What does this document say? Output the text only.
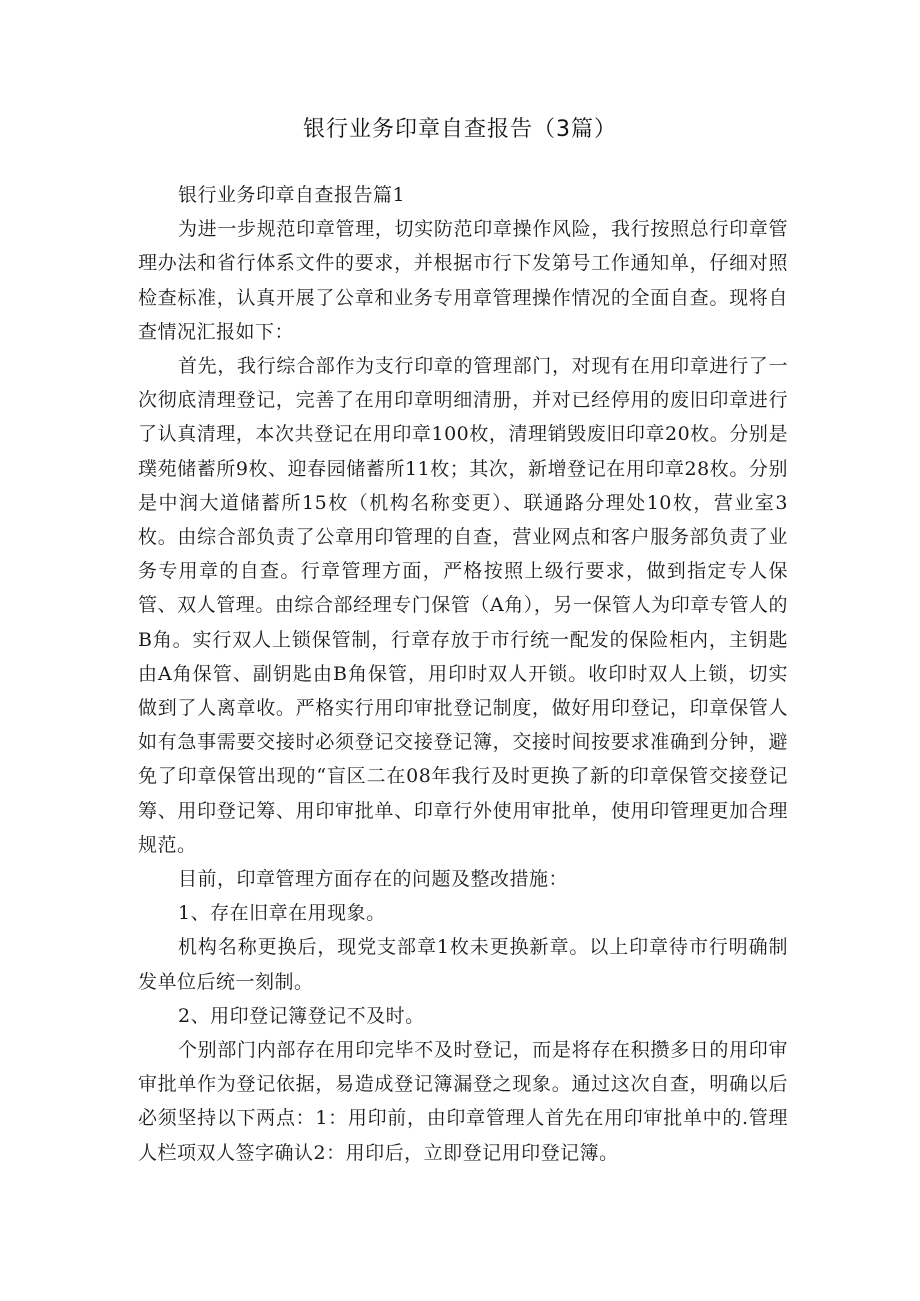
银行业务印章自查报告（3篇）

银行业务印章自查报告篇1

为进一步规范印章管理，切实防范印章操作风险，我行按照总行印章管理办法和省行体系文件的要求，并根据市行下发第号工作通知单，仔细对照检查标准，认真开展了公章和业务专用章管理操作情况的全面自查。现将自查情况汇报如下：

首先，我行综合部作为支行印章的管理部门，对现有在用印章进行了一次彻底清理登记，完善了在用印章明细清册，并对已经停用的废旧印章进行了认真清理，本次共登记在用印章100枚，清理销毁废旧印章20枚。分别是璞苑储蓄所9枚、迎春园储蓄所11枚；其次，新增登记在用印章28枚。分别是中润大道储蓄所15枚（机构名称变更）、联通路分理处10枚，营业室3枚。由综合部负责了公章用印管理的自查，营业网点和客户服务部负责了业务专用章的自查。行章管理方面，严格按照上级行要求，做到指定专人保管、双人管理。由综合部经理专门保管（A角），另一保管人为印章专管人的B角。实行双人上锁保管制，行章存放于市行统一配发的保险柜内，主钥匙由A角保管、副钥匙由B角保管，用印时双人开锁。收印时双人上锁，切实做到了人离章收。严格实行用印审批登记制度，做好用印登记，印章保管人如有急事需要交接时必须登记交接登记簿，交接时间按要求准确到分钟，避免了印章保管出现的“盲区二在08年我行及时更换了新的印章保管交接登记筹、用印登记筹、用印审批单、印章行外使用审批单，使用印管理更加合理规范。

目前，印章管理方面存在的问题及整改措施：

1、存在旧章在用现象。

机构名称更换后，现党支部章1枚未更换新章。以上印章待市行明确制发单位后统一刻制。

2、用印登记簿登记不及时。

个别部门内部存在用印完毕不及时登记，而是将存在积攒多日的用印审审批单作为登记依据，易造成登记簿漏登之现象。通过这次自查，明确以后必须坚持以下两点：1：用印前，由印章管理人首先在用印审批单中的.管理人栏项双人签字确认2：用印后，立即登记用印登记簿。
